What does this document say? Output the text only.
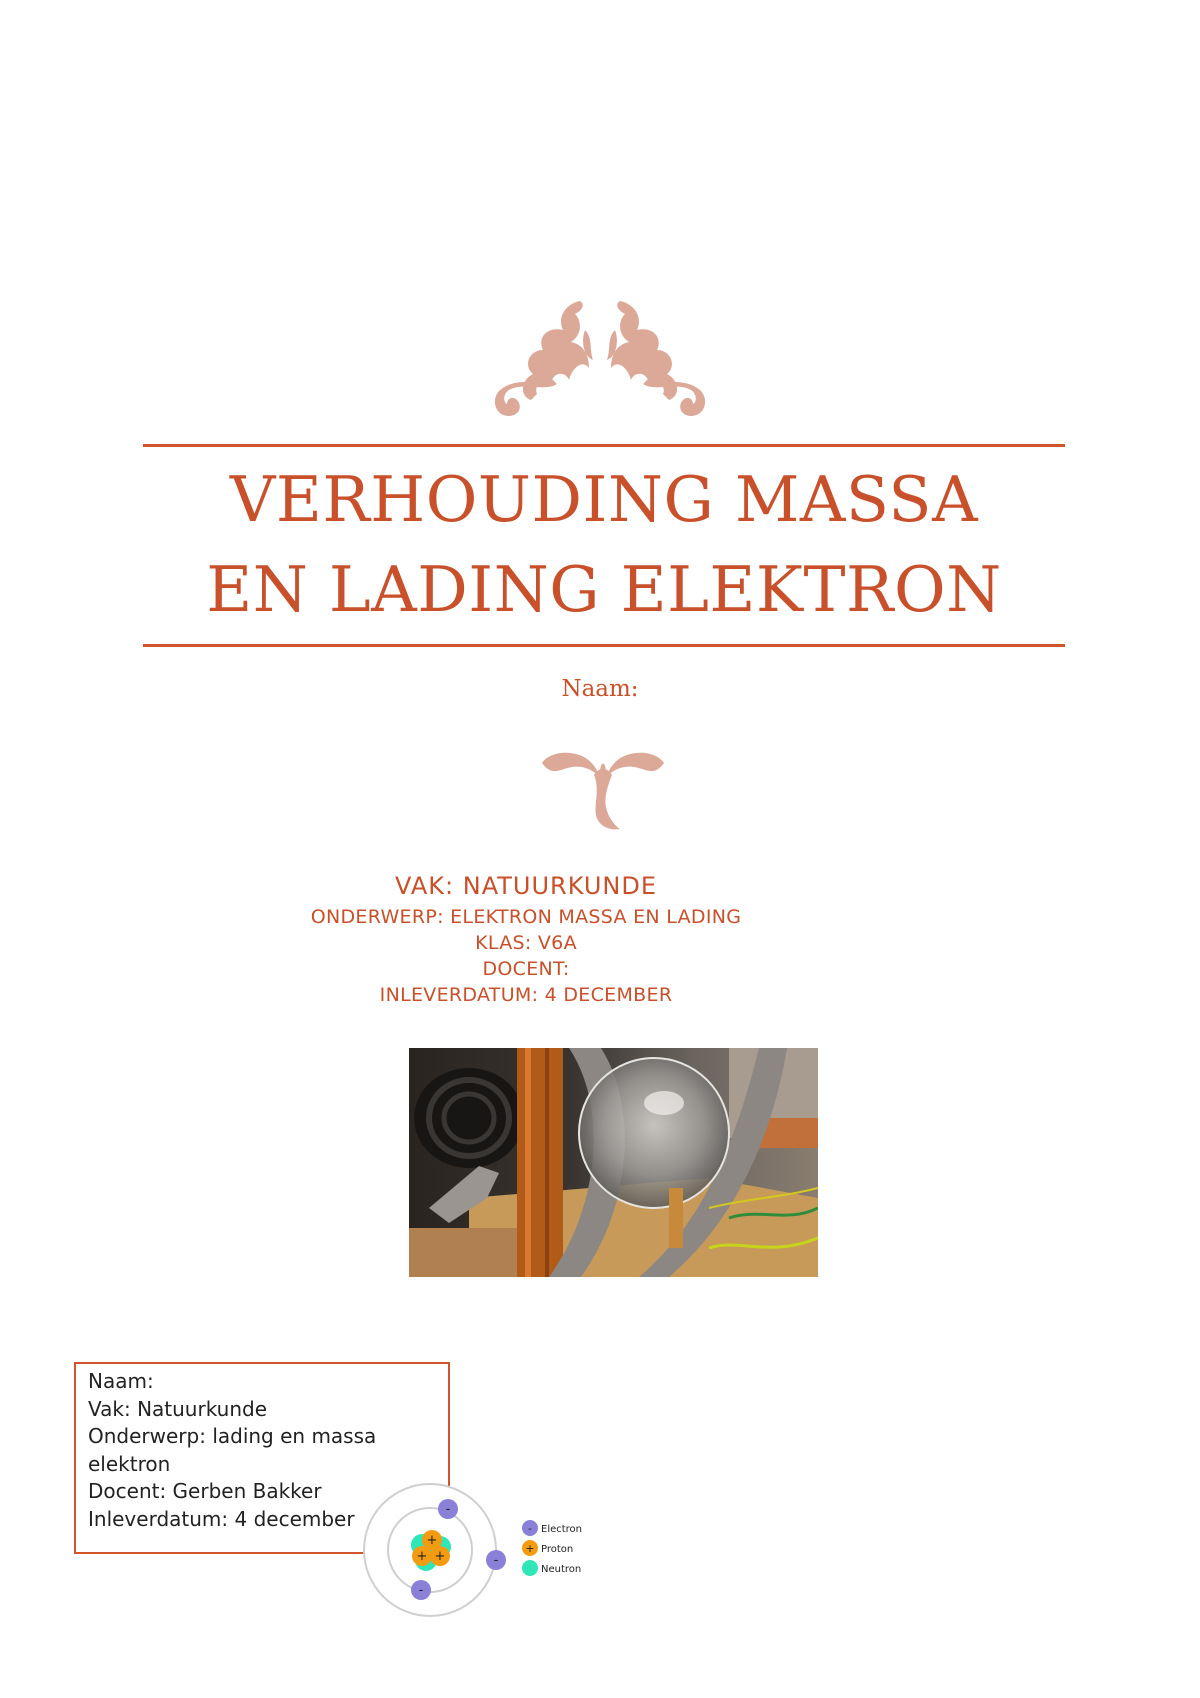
VERHOUDING MASSA
EN LADING ELEKTRON
Naam:
VAK: NATUURKUNDE
ONDERWERP: ELEKTRON MASSA EN LADING
KLAS: V6A
DOCENT:
INLEVERDATUM: 4 DECEMBER
Naam:
Vak: Natuurkunde
Onderwerp: lading en massa
elektron
Docent: Gerben Bakker
Inleverdatum: 4 december
+
+ +
-
-
-
- Electron
+ Proton
Neutron
